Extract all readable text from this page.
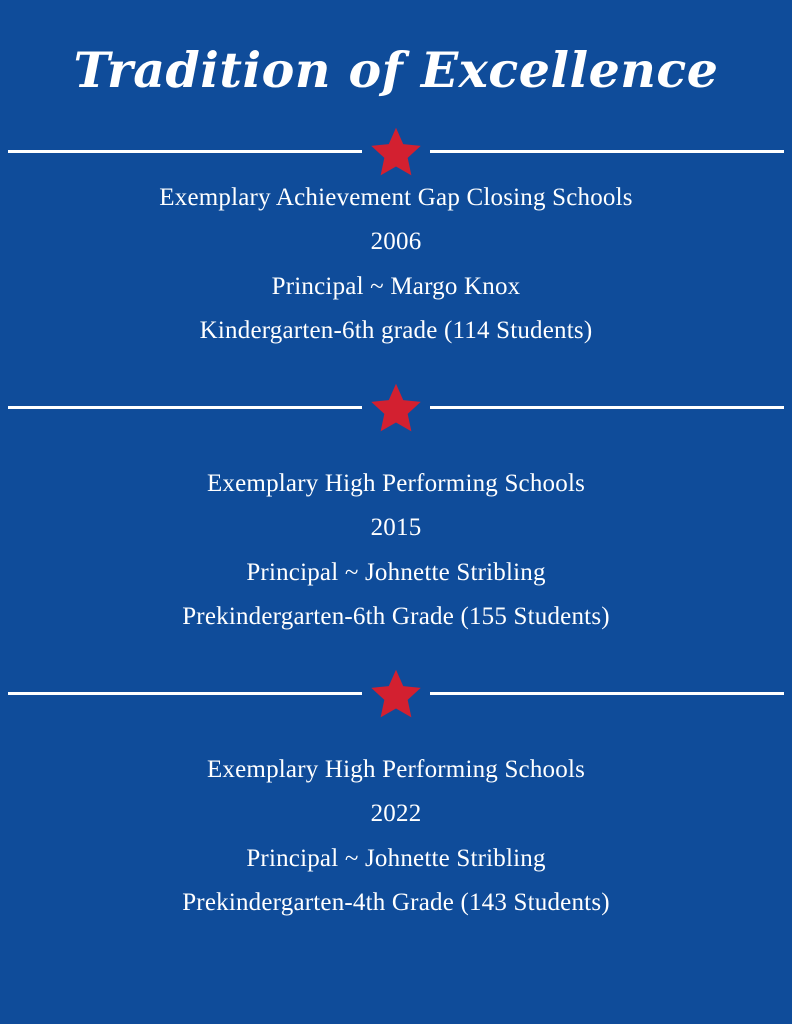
Tradition of Excellence
Exemplary Achievement Gap Closing Schools
2006
Principal ~ Margo Knox
Kindergarten-6th grade (114 Students)
Exemplary High Performing Schools
2015
Principal ~ Johnette Stribling
Prekindergarten-6th Grade (155 Students)
Exemplary High Performing Schools
2022
Principal ~ Johnette Stribling
Prekindergarten-4th Grade (143 Students)
